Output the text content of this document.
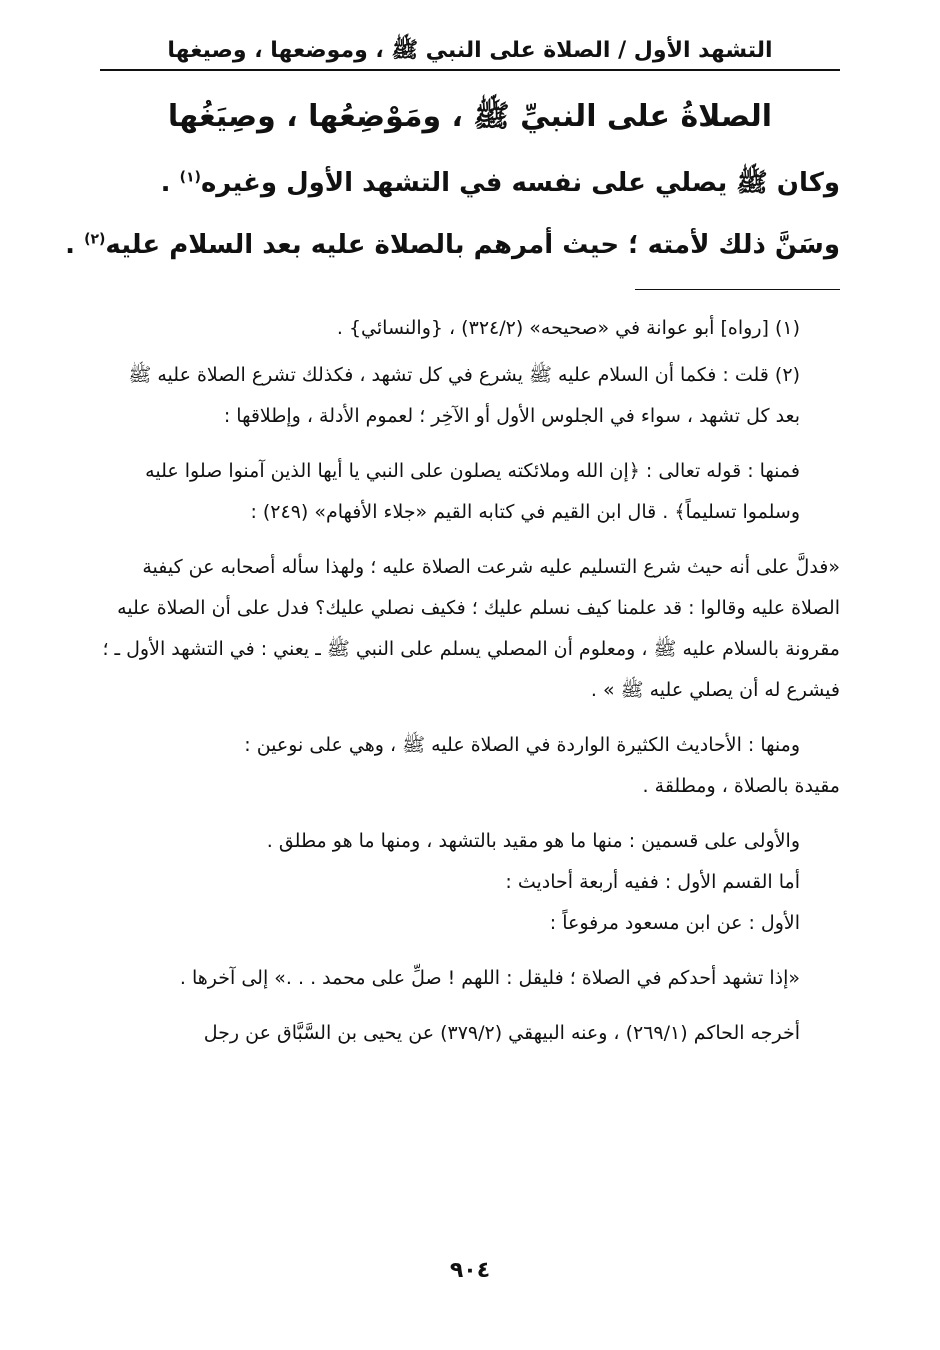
التشهد الأول / الصلاة على النبي ﷺ ، وموضعها ، وصيغها
الصلاةُ على النبيِّ ﷺ ، ومَوْضِعُها ، وصِيَغُها

وكان ﷺ يصلي على نفسه في التشهد الأول وغيره$^{(١)}$ .

وسَنَّ ذلك لأمته ؛ حيث أمرهم بالصلاة عليه بعد السلام عليه$^{(٢)}$ .

(١) [رواه] أبو عوانة في «صحيحه» (٣٢٤/٢) ، {والنسائي} .

(٢) قلت : فكما أن السلام عليه ﷺ يشرع في كل تشهد ، فكذلك تشرع الصلاة عليه ﷺ بعد كل تشهد ، سواء في الجلوس الأول أو الآخِر ؛ لعموم الأدلة ، وإطلاقها :

فمنها : قوله تعالى : ﴿إن الله وملائكته يصلون على النبي يا أيها الذين آمنوا صلوا عليه وسلموا تسليماً﴾ . قال ابن القيم في كتابه القيم «جلاء الأفهام» (٢٤٩) :

«فدلَّ على أنه حيث شرع التسليم عليه شرعت الصلاة عليه ؛ ولهذا سأله أصحابه عن كيفية الصلاة عليه وقالوا : قد علمنا كيف نسلم عليك ؛ فكيف نصلي عليك؟ فدل على أن الصلاة عليه مقرونة بالسلام عليه ﷺ ، ومعلوم أن المصلي يسلم على النبي ﷺ ـ يعني : في التشهد الأول ـ ؛ فيشرع له أن يصلي عليه ﷺ » .

ومنها : الأحاديث الكثيرة الواردة في الصلاة عليه ﷺ ، وهي على نوعين :

مقيدة بالصلاة ، ومطلقة .

والأولى على قسمين : منها ما هو مقيد بالتشهد ، ومنها ما هو مطلق .

أما القسم الأول : ففيه أربعة أحاديث :

الأول : عن ابن مسعود مرفوعاً :

«إذا تشهد أحدكم في الصلاة ؛ فليقل : اللهم ! صلِّ على محمد . . .» إلى آخرها .

أخرجه الحاكم (٢٦٩/١) ، وعنه البيهقي (٣٧٩/٢) عن يحيى بن السَّبَّاق عن رجل

٩٠٤
